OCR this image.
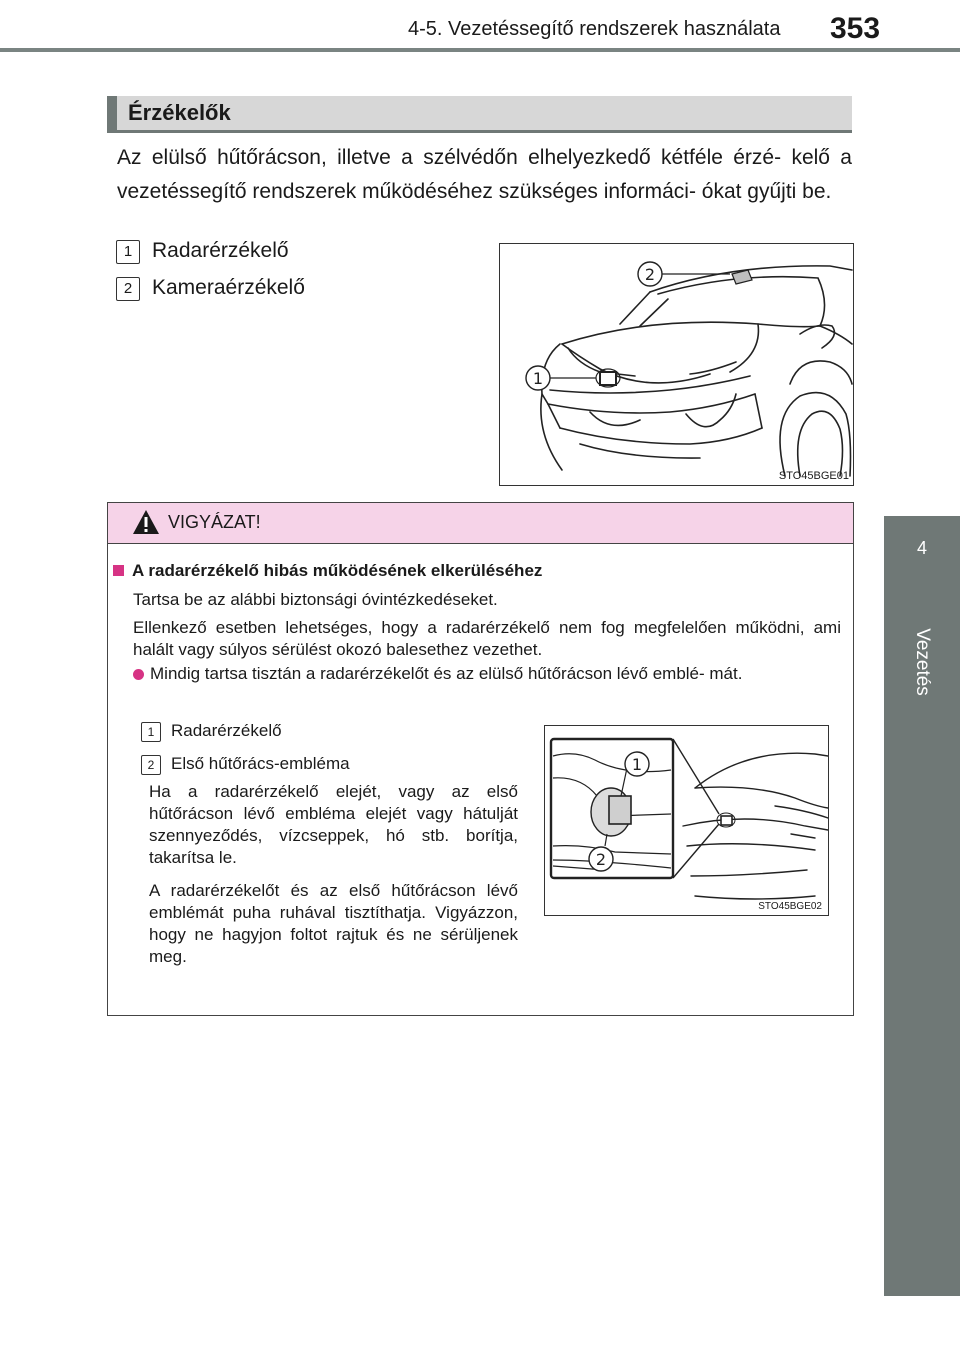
4-5. Vezetéssegítő rendszerek használata 353
4
Vezetés
Érzékelők
Az elülső hűtőrácson, illetve a szélvédőn elhelyezkedő kétféle érzé- kelő a vezetéssegítő rendszerek működéséhez szükséges informáci- ókat gyűjti be.
1 Radarérzékelő
2 Kameraérzékelő
1
2
STO45BGE01
VIGYÁZAT!
A radarérzékelő hibás működésének elkerüléséhez
Tartsa be az alábbi biztonsági óvintézkedéseket.
Ellenkező esetben lehetséges, hogy a radarérzékelő nem fog megfelelően működni, ami halált vagy súlyos sérülést okozó balesethez vezethet.
Mindig tartsa tisztán a radarérzékelőt és az elülső hűtőrácson lévő emblé- mát.
1 Radarérzékelő
2 Első hűtőrács-embléma
Ha a radarérzékelő elejét, vagy az első hűtőrácson lévő embléma elejét vagy hátulját szennyeződés, vízcseppek, hó stb. borítja, takarítsa le.
A radarérzékelőt és az első hűtőrácson lévő emblémát puha ruhával tisztíthatja. Vigyázzon, hogy ne hagyjon foltot rajtuk és ne sérüljenek meg.
1
2
STO45BGE02
